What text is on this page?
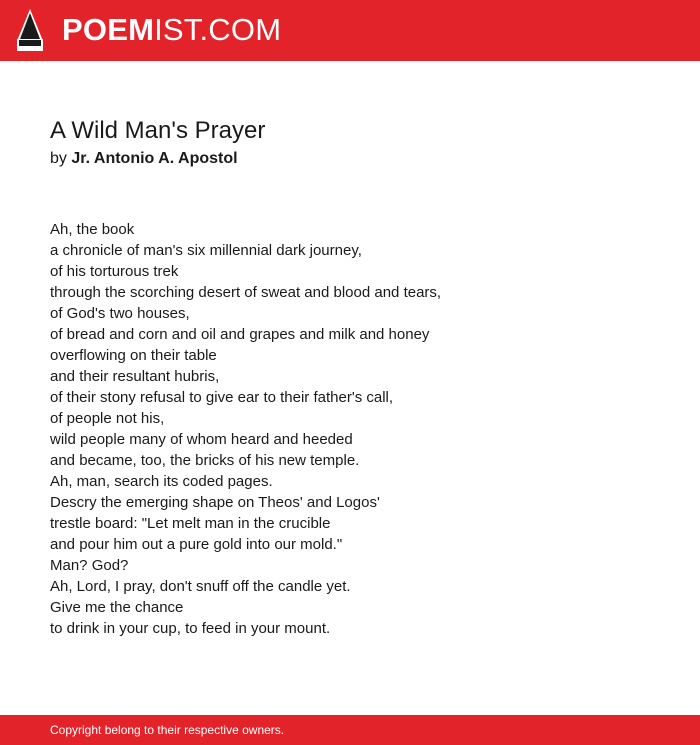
POEMIST.COM
A Wild Man's Prayer
by Jr. Antonio A. Apostol
Ah, the book
a chronicle of man's six millennial dark journey,
of his torturous trek
through the scorching desert of sweat and blood and tears,
of God's two houses,
of bread and corn and oil and grapes and milk and honey
overflowing on their table
and their resultant hubris,
of their stony refusal to give ear to their father's call,
of people not his,
wild people many of whom heard and heeded
and became, too, the bricks of his new temple.
Ah, man, search its coded pages.
Descry the emerging shape on Theos' and Logos'
trestle board: "Let melt man in the crucible
and pour him out a pure gold into our mold."
Man? God?
Ah, Lord, I pray, don't snuff off the candle yet.
Give me the chance
to drink in your cup, to feed in your mount.
Copyright belong to their respective owners.
